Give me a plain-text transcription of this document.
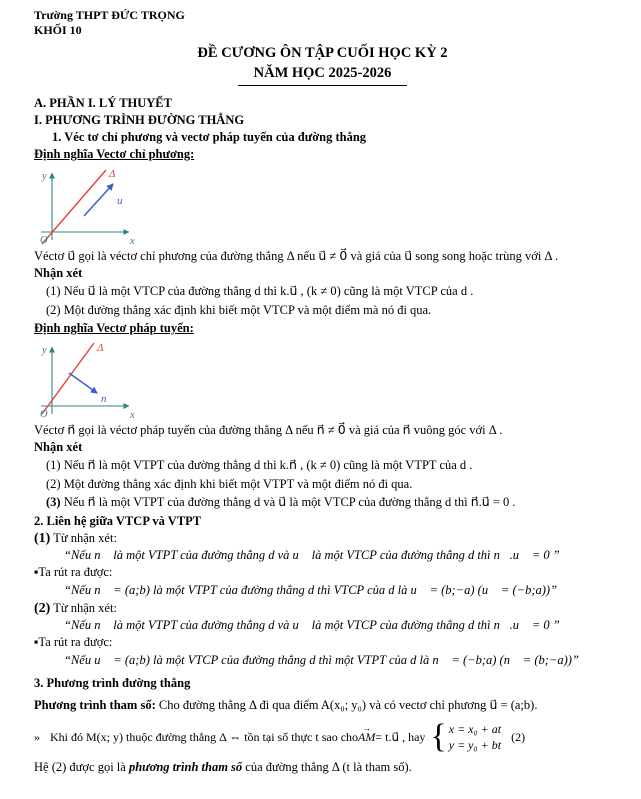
Trường THPT ĐỨC TRỌNG

KHỐI 10

ĐỀ CƯƠNG ÔN TẬP CUỐI HỌC KỲ 2

NĂM HỌC 2025-2026

A. PHẦN I. LÝ THUYẾT

I. PHƯƠNG TRÌNH ĐƯỜNG THẲNG

1. Véc tơ chỉ phương và vectơ pháp tuyến của đường thẳng

Định nghĩa Vectơ chỉ phương:

y
x
O
Δ
u⃗

Véctơ u⃗ gọi là véctơ chỉ phương của đường thẳng Δ nếu u⃗ ≠ 0⃗ và giá của u⃗ song song hoặc trùng với Δ .

Nhận xét

(1) Nếu u⃗ là một VTCP của đường thẳng d thì k.u⃗ , (k ≠ 0) cũng là một VTCP của d .

(2) Một đường thẳng xác định khi biết một VTCP và một điểm mà nó đi qua.

Định nghĩa Vectơ pháp tuyến:

y
x
O
Δ
n⃗

Véctơ n⃗ gọi là véctơ pháp tuyến của đường thẳng Δ nếu n⃗ ≠ 0⃗ và giá của n⃗ vuông góc với Δ .

Nhận xét

(1) Nếu n⃗ là một VTPT của đường thẳng d thì k.n⃗ , (k ≠ 0) cũng là một VTPT của d .

(2) Một đường thẳng xác định khi biết một VTPT và một điểm nó đi qua.

(3) Nếu n⃗ là một VTPT của đường thẳng d và u⃗ là một VTCP của đường thẳng d thì n⃗.u⃗ = 0 .

2. Liên hệ giữa VTCP và VTPT

(1) Từ nhận xét:

“Nếu n⃗ là một VTPT của đường thẳng d và u⃗ là một VTCP của đường thẳng d thì n⃗.u⃗ = 0 ”

▪Ta rút ra được:

“Nếu n⃗ = (a;b) là một VTPT của đường thẳng d thì VTCP của d là u⃗ = (b;−a) (u⃗ = (−b;a))”

(2) Từ nhận xét:

“Nếu n⃗ là một VTPT của đường thẳng d và u⃗ là một VTCP của đường thẳng d thì n⃗.u⃗ = 0 ”

▪Ta rút ra được:

“Nếu u⃗ = (a;b) là một VTCP của đường thẳng d thì một VTPT của d là n⃗ = (−b;a) (n⃗ = (b;−a))”

3. Phương trình đường thẳng

Phương trình tham số: Cho đường thẳng Δ đi qua điểm A(x₀; y₀) và có vectơ chỉ phương u⃗ = (a;b).

» Khi đó M(x; y) thuộc đường thẳng Δ ⇔ tồn tại số thực t sao cho AM → = t.u⃗ , hay { x = x₀ + at
y = y₀ + bt
(2)

Hệ (2) được gọi là phương trình tham số của đường thẳng Δ (t là tham số).
